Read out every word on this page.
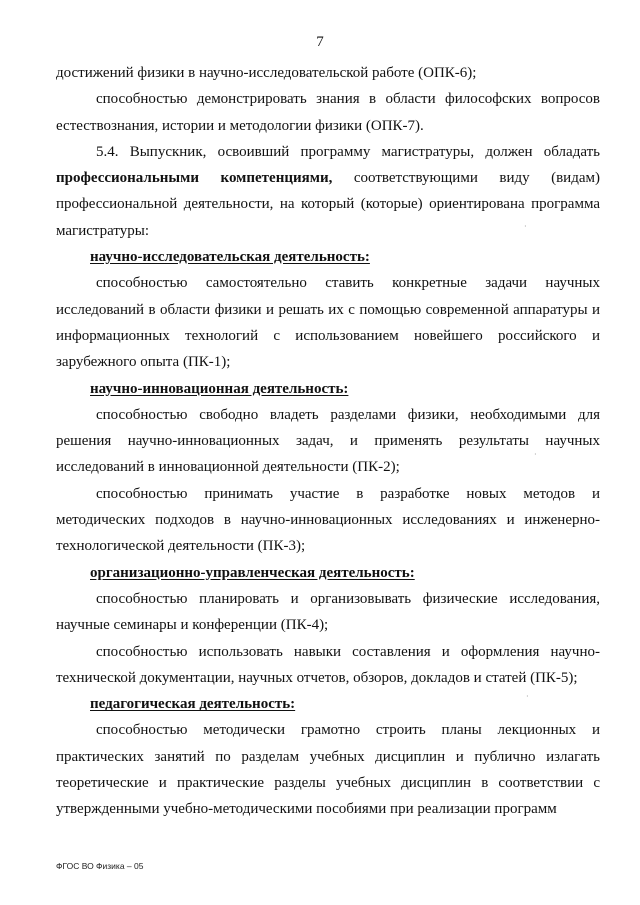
7

достижений физики в научно-исследовательской работе (ОПК-6);

способностью демонстрировать знания в области философских вопросов естествознания, истории и методологии физики (ОПК-7).

5.4. Выпускник, освоивший программу магистратуры, должен обладать профессиональными компетенциями, соответствующими виду (видам) профессиональной деятельности, на который (которые) ориентирована программа магистратуры:

научно-исследовательская деятельность:

способностью самостоятельно ставить конкретные задачи научных исследований в области физики и решать их с помощью современной аппаратуры и информационных технологий с использованием новейшего российского и зарубежного опыта (ПК-1);

научно-инновационная деятельность:

способностью свободно владеть разделами физики, необходимыми для решения научно-инновационных задач, и применять результаты научных исследований в инновационной деятельности (ПК-2);

способностью принимать участие в разработке новых методов и методических подходов в научно-инновационных исследованиях и инженерно-технологической деятельности (ПК-3);

организационно-управленческая деятельность:

способностью планировать и организовывать физические исследования, научные семинары и конференции (ПК-4);

способностью использовать навыки составления и оформления научно-технической документации, научных отчетов, обзоров, докладов и статей (ПК-5);

педагогическая деятельность:

способностью методически грамотно строить планы лекционных и практических занятий по разделам учебных дисциплин и публично излагать теоретические и практические разделы учебных дисциплин в соответствии с утвержденными учебно-методическими пособиями при реализации программ

·
·
·
ФГОС ВО Физика – 05
